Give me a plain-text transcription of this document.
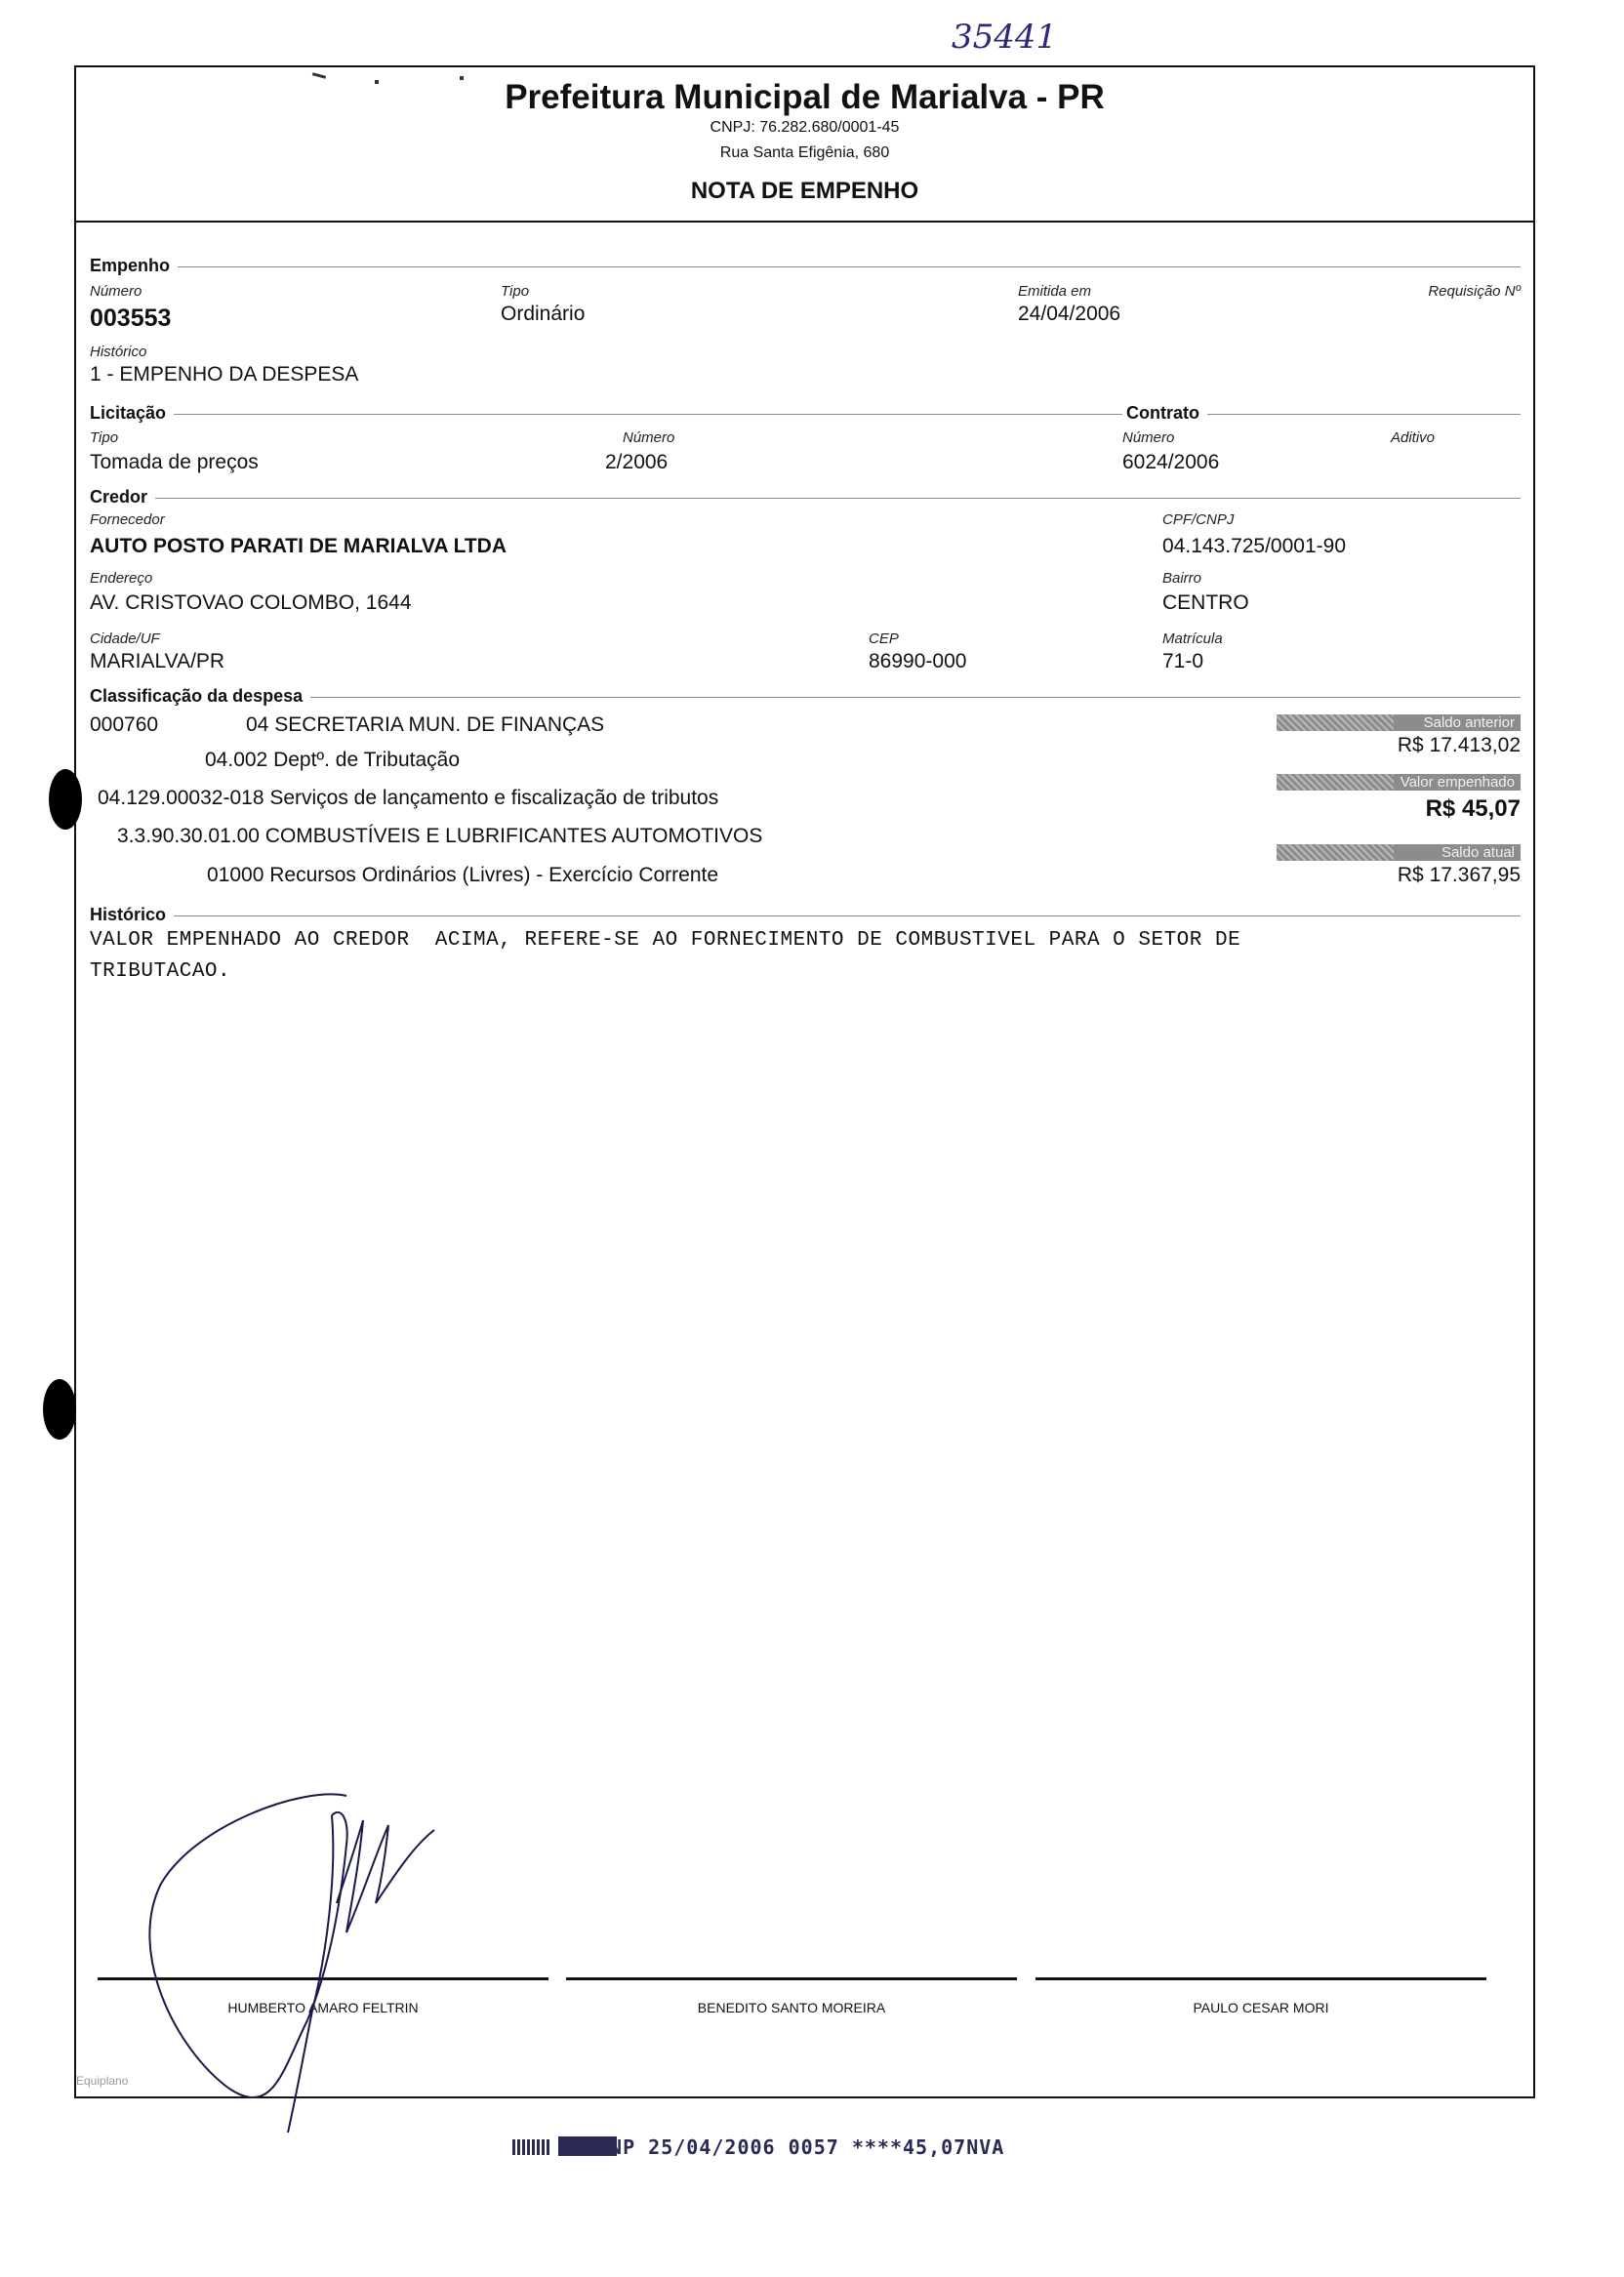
35441
Prefeitura Municipal de Marialva - PR
CNPJ: 76.282.680/0001-45
Rua Santa Efigênia, 680
NOTA DE EMPENHO
Empenho
Número
003553
Tipo
Ordinário
Emitida em
24/04/2006
Requisição Nº
Histórico
1 - EMPENHO DA DESPESA
Licitação	Contrato
Tipo
Tomada de preços
Número
2/2006
Número
6024/2006
Aditivo
Credor
Fornecedor
AUTO POSTO PARATI DE MARIALVA LTDA
CPF/CNPJ
04.143.725/0001-90
Endereço
AV. CRISTOVAO COLOMBO, 1644
Bairro
CENTRO
Cidade/UF
MARIALVA/PR
CEP
86990-000
Matrícula
71-0
Classificação da despesa
000760	04 SECRETARIA MUN. DE FINANÇAS
04.002 Deptº. de Tributação
04.129.00032-018 Serviços de lançamento e fiscalização de tributos
3.3.90.30.01.00 COMBUSTÍVEIS E LUBRIFICANTES AUTOMOTIVOS
01000 Recursos Ordinários (Livres) - Exercício Corrente
Saldo anterior
R$ 17.413,02
Valor empenhado
R$ 45,07
Saldo atual
R$ 17.367,95
Histórico
VALOR EMPENHADO AO CREDOR  ACIMA, REFERE-SE AO FORNECIMENTO DE COMBUSTIVEL PARA O SETOR DE
TRIBUTACAO.
HUMBERTO AMARO FELTRIN	BENEDITO SANTO MOREIRA	PAULO CESAR MORI
Equiplano
ENP 25/04/2006 0057 ****45,07NVA
